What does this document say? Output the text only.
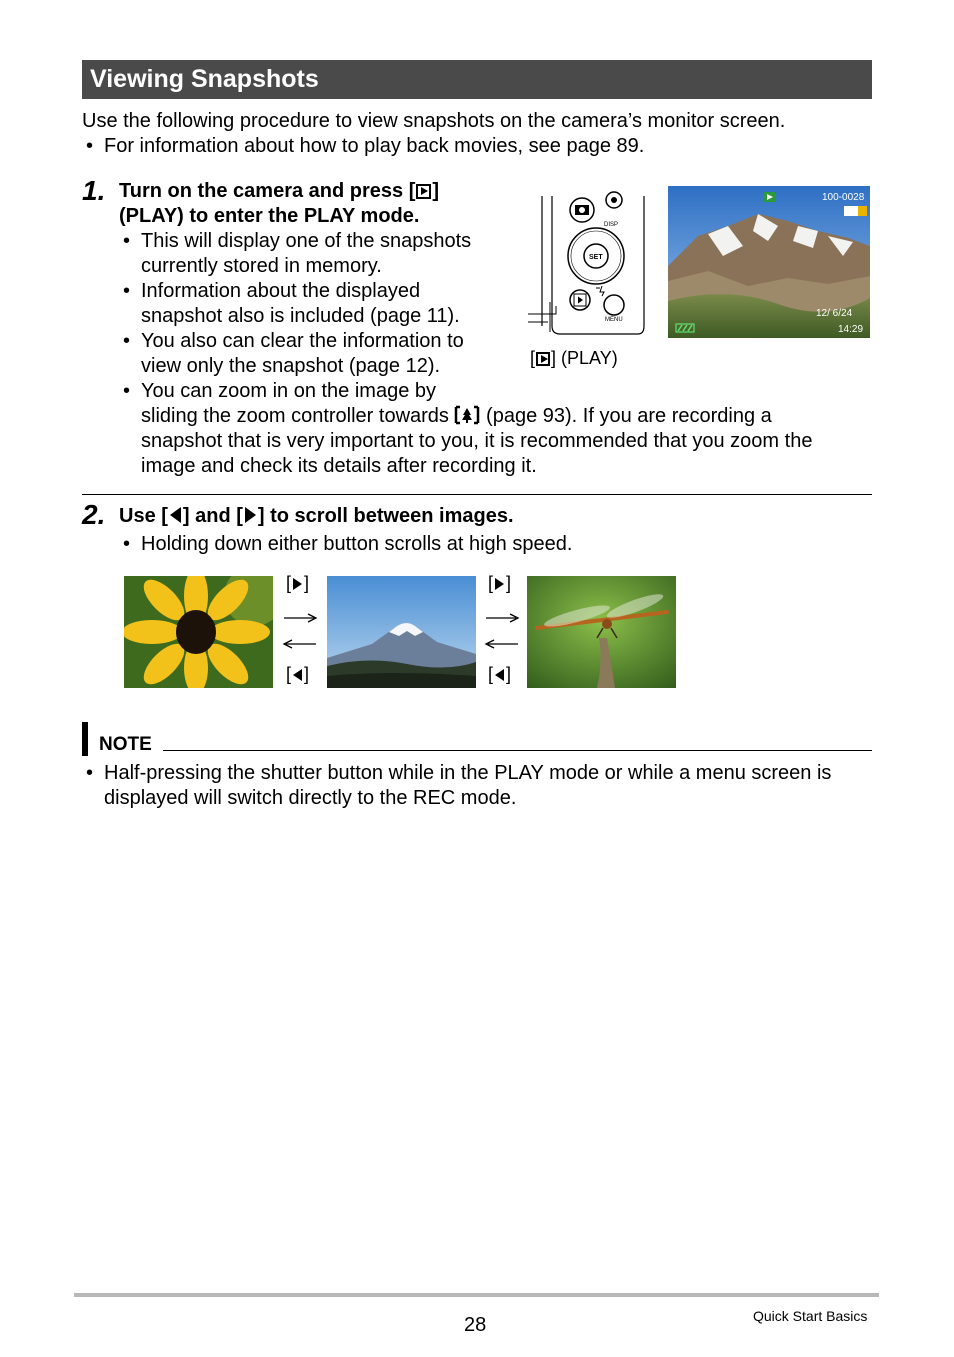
Viewing Snapshots
Use the following procedure to view snapshots on the camera’s monitor screen.
• For information about how to play back movies, see page 89.
1. Turn on the camera and press [ ]
(PLAY) to enter the PLAY mode.
• This will display one of the snapshots
currently stored in memory.
• Information about the displayed
snapshot also is included (page 11).
• You also can clear the information to
view only the snapshot (page 12).
• You can zoom in on the image by
sliding the zoom controller towards  (page 93). If you are recording a
snapshot that is very important to you, it is recommended that you zoom the
image and check its details after recording it.
DISP
SET
MENU
[ ] (PLAY)
100-0028
12/ 6/24
14:29
2. Use [ ] and [ ] to scroll between images.
• Holding down either button scrolls at high speed.
[ ]
[ ]
[ ]
[ ]
NOTE
• Half-pressing the shutter button while in the PLAY mode or while a menu screen is
displayed will switch directly to the REC mode.
28	Quick Start Basics
